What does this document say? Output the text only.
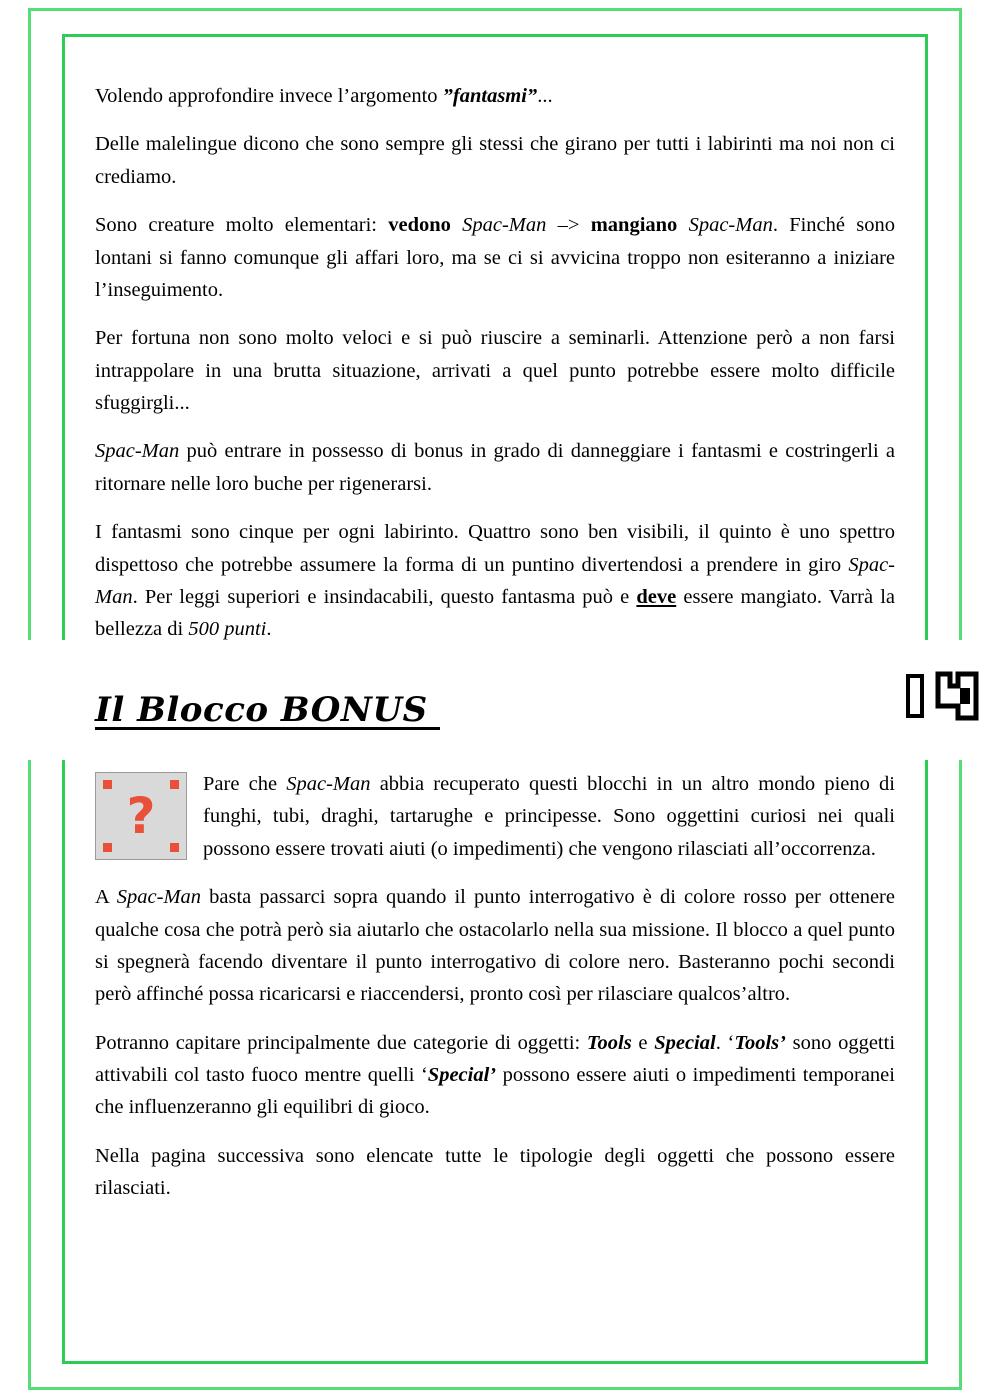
Volendo approfondire invece l’argomento ”fantasmi”...

Delle malelingue dicono che sono sempre gli stessi che girano per tutti i labirinti ma noi non ci crediamo.

Sono creature molto elementari: vedono Spac-Man –> mangiano Spac-Man. Finché sono lontani si fanno comunque gli affari loro, ma se ci si avvicina troppo non esiteranno a iniziare l’inseguimento.

Per fortuna non sono molto veloci e si può riuscire a seminarli. Attenzione però a non farsi intrappolare in una brutta situazione, arrivati a quel punto potrebbe essere molto difficile sfuggirgli...

Spac-Man può entrare in possesso di bonus in grado di danneggiare i fantasmi e costringerli a ritornare nelle loro buche per rigenerarsi.

I fantasmi sono cinque per ogni labirinto. Quattro sono ben visibili, il quinto è uno spettro dispettoso che potrebbe assumere la forma di un puntino divertendosi a prendere in giro Spac-Man. Per leggi superiori e insindacabili, questo fantasma può e deve essere mangiato. Varrà la bellezza di 500 punti.

Il Blocco BONUS

?
Pare che Spac-Man abbia recuperato questi blocchi in un altro mondo pieno di funghi, tubi, draghi, tartarughe e principesse. Sono oggettini curiosi nei quali possono essere trovati aiuti (o impedimenti) che vengono rilasciati all’occorrenza.

A Spac-Man basta passarci sopra quando il punto interrogativo è di colore rosso per ottenere qualche cosa che potrà però sia aiutarlo che ostacolarlo nella sua missione. Il blocco a quel punto si spegnerà facendo diventare il punto interrogativo di colore nero. Basteranno pochi secondi però affinché possa ricaricarsi e riaccendersi, pronto così per rilasciare qualcos’altro.

Potranno capitare principalmente due categorie di oggetti: Tools e Special. ‘Tools’ sono oggetti attivabili col tasto fuoco mentre quelli ‘Special’ possono essere aiuti o impedimenti temporanei che influenzeranno gli equilibri di gioco.

Nella pagina successiva sono elencate tutte le tipologie degli oggetti che possono essere rilasciati.
